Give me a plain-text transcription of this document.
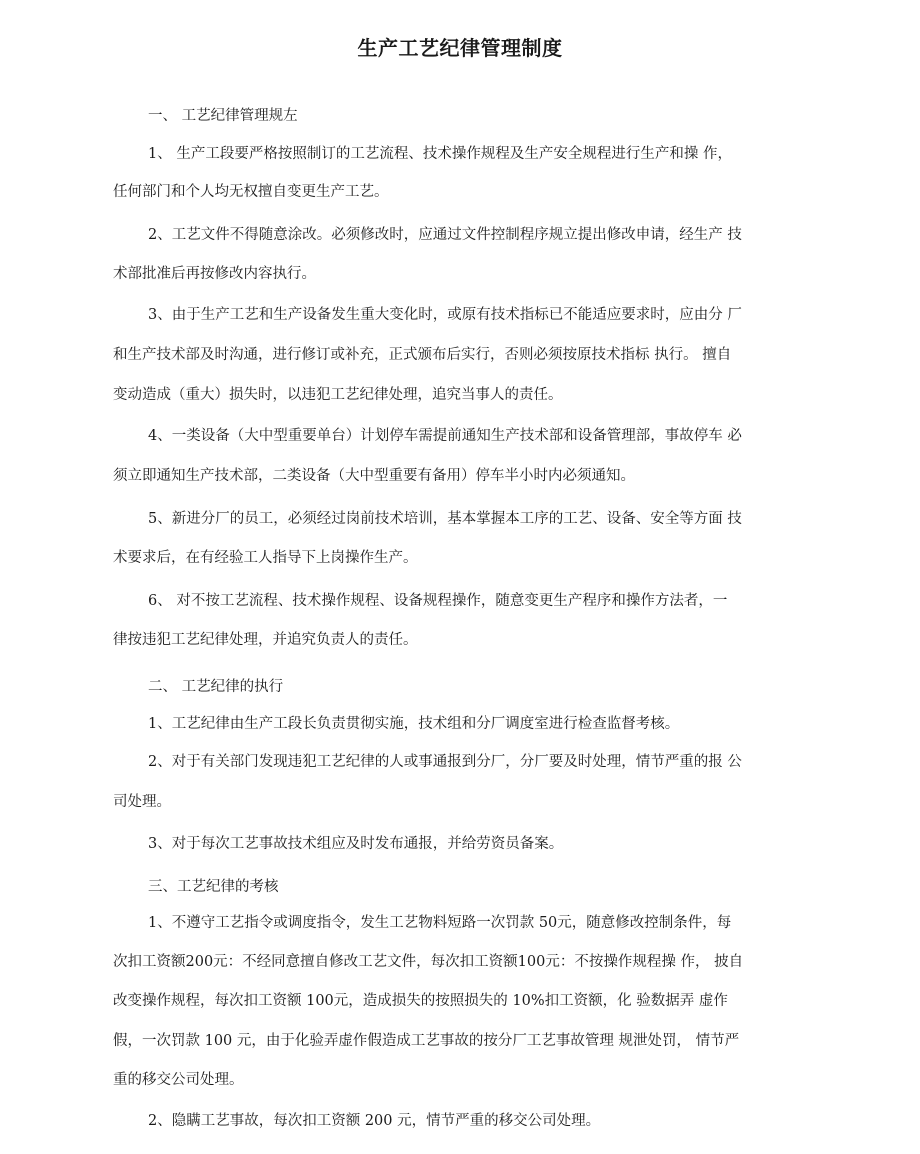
生产工艺纪律管理制度
一、 工艺纪律管理规左
1、 生产工段要严格按照制订的工艺流程、技术操作规程及生产安全规程进行生产和操 作，
任何部门和个人均无权擅自变更生产工艺。
2、工艺文件不得随意涂改。必须修改时，应通过文件控制程序规立提出修改申请，经生产 技
术部批准后再按修改内容执行。
3、由于生产工艺和生产设备发生重大变化时，或原有技术指标已不能适应要求时，应由分 厂
和生产技术部及时沟通，进行修订或补充，正式颁布后实行，否则必须按原技术指标 执行。 擅自
变动造成（重大）损失时，以违犯工艺纪律处理，追究当事人的责任。
4、一类设备（大中型重要单台）计划停车需提前通知生产技术部和设备管理部，事故停车 必
须立即通知生产技术部，二类设备（大中型重要有备用）停车半小时内必须通知。
5、新进分厂的员工，必须经过岗前技术培训，基本掌握本工序的工艺、设备、安全等方面 技
术要求后，在有经验工人指导下上岗操作生产。
6、 对不按工艺流程、技术操作规程、设备规程操作，随意变更生产程序和操作方法者，一
律按违犯工艺纪律处理，并追究负责人的责任。
二、 工艺纪律的执行
1、工艺纪律由生产工段长负责贯彻实施，技术组和分厂调度室进行检查监督考核。
2、对于有关部门发现违犯工艺纪律的人或事通报到分厂，分厂要及时处理，情节严重的报 公
司处理。
3、对于每次工艺事故技术组应及时发布通报，并给劳资员备案。
三、工艺纪律的考核
1、不遵守工艺指令或调度指令，发生工艺物料短路一次罚款 50元，随意修改控制条件，每
次扣工资额200元：不经同意擅自修改工艺文件，每次扣工资额100元：不按操作规程操 作， 披自
改变操作规程，每次扣工资额 100元，造成损失的按照损失的 10%扣工资额，化 验数据弄 虚作
假，一次罚款 100 元，由于化验弄虚作假造成工艺事故的按分厂工艺事故管理 规泄处罚， 情节严
重的移交公司处理。
2、隐瞒工艺事故，每次扣工资额 200 元，情节严重的移交公司处理。
